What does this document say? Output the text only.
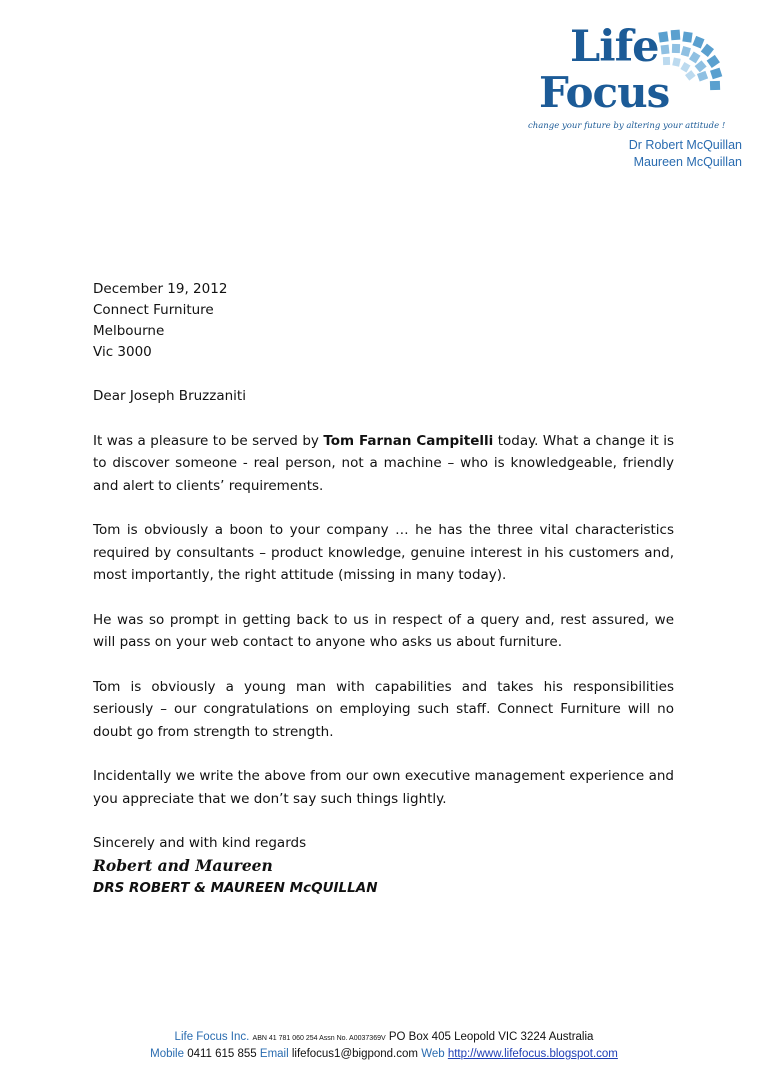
Life
Focus
change your future by altering your attitude !
Dr Robert McQuillan
Maureen McQuillan

December 19, 2012

Connect Furniture

Melbourne

Vic 3000

Dear Joseph Bruzzaniti

It was a pleasure to be served by Tom Farnan Campitelli today. What a change it is to discover someone - real person, not a machine – who is knowledgeable, friendly and alert to clients’ requirements.

Tom is obviously a boon to your company … he has the three vital characteristics required by consultants – product knowledge, genuine interest in his customers and, most importantly, the right attitude (missing in many today).

He was so prompt in getting back to us in respect of a query and, rest assured, we will pass on your web contact to anyone who asks us about furniture.

Tom is obviously a young man with capabilities and takes his responsibilities seriously – our congratulations on employing such staff. Connect Furniture will no doubt go from strength to strength.

Incidentally we write the above from our own executive management experience and you appreciate that we don’t say such things lightly.

Sincerely and with kind regards

Robert and Maureen

DRS ROBERT & MAUREEN McQUILLAN

Life Focus Inc. ABN 41 781 060 254 Assn No. A0037369V PO Box 405 Leopold VIC 3224 Australia
Mobile 0411 615 855 Email lifefocus1@bigpond.com Web http://www.lifefocus.blogspot.com
